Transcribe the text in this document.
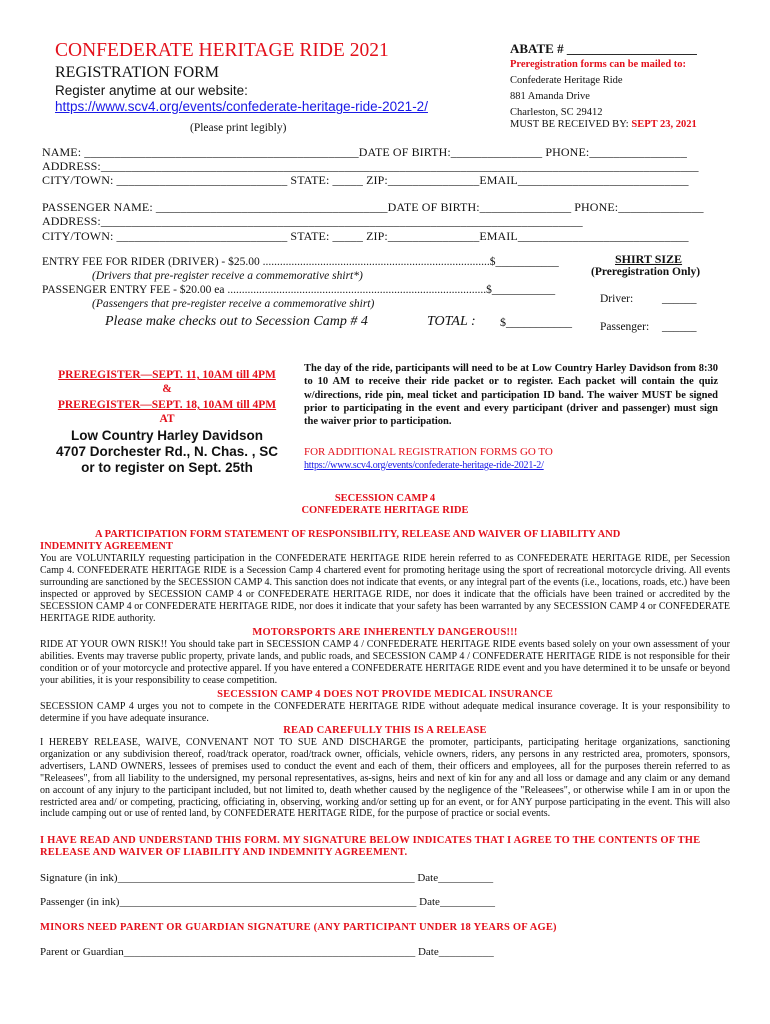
CONFEDERATE HERITAGE RIDE 2021
REGISTRATION FORM
Register anytime at our website:
https://www.scv4.org/events/confederate-heritage-ride-2021-2/
(Please print legibly)
ABATE # ____________________
Preregistration forms can be mailed to:
Confederate Heritage Ride
881 Amanda Drive
Charleston, SC 29412
MUST BE RECEIVED BY: SEPT 23, 2021
NAME: _____________________________________________DATE OF BIRTH:_______________ PHONE:________________
ADDRESS:__________________________________________________________________________________________________
CITY/TOWN: ____________________________ STATE: _____ ZIP:_______________EMAIL____________________________
PASSENGER NAME: ______________________________________DATE OF BIRTH:_______________ PHONE:______________
ADDRESS:_______________________________________________________________________________
CITY/TOWN: ____________________________ STATE: _____ ZIP:_______________EMAIL____________________________
ENTRY FEE FOR RIDER (DRIVER) - $25.00 ...............................................................................$___________
(Drivers that pre-register receive a commemorative shirt*)
PASSENGER ENTRY FEE - $20.00 ea ..........................................................................................$___________
(Passengers that pre-register receive a commemorative shirt)
Please make checks out to Secession Camp # 4	TOTAL : $___________
SHIRT SIZE
(Preregistration Only)
Driver:	______
Passenger: ______
PREREGISTER—SEPT. 11, 10AM till 4PM
&
PREREGISTER—SEPT. 18, 10AM till 4PM
AT
Low Country Harley Davidson
4707 Dorchester Rd., N. Chas. , SC
or to register on Sept. 25th
The day of the ride, participants will need to be at Low Country Harley Davidson from 8:30 to 10 AM to receive their ride packet or to register. Each packet will contain the quiz w/directions, ride pin, meal ticket and participation ID band. The waiver MUST be signed prior to participating in the event and every participant (driver and passenger) must sign the waiver prior to participation.
FOR ADDITIONAL REGISTRATION FORMS GO TO
https://www.scv4.org/events/confederate-heritage-ride-2021-2/
SECESSION CAMP 4
CONFEDERATE HERITAGE RIDE
A PARTICIPATION FORM STATEMENT OF RESPONSIBILITY, RELEASE AND WAIVER OF LIABILITY AND
INDEMNITY AGREEMENT
You are VOLUNTARILY requesting participation in the CONFEDERATE HERITAGE RIDE herein referred to as CONFEDERATE HERITAGE RIDE, per Secession Camp 4. CONFEDERATE HERITAGE RIDE is a Secession Camp 4 chartered event for promoting heritage using the sport of recreational motorcycle driving. All events surrounding are sanctioned by the SECESSION CAMP 4. This sanction does not indicate that events, or any integral part of the events (i.e., locations, roads, etc.) have been inspected or approved by SECESSION CAMP 4 or CONFEDERATE HERITAGE RIDE, nor does it indicate that the officials have been trained or accredited by the SECESSION CAMP 4 or CONFEDERATE HERITAGE RIDE, nor does it indicate that your safety has been warranted by any SECESSION CAMP 4 or CONFEDERATE HERITAGE RIDE authority.
MOTORSPORTS ARE INHERENTLY DANGEROUS!!!
RIDE AT YOUR OWN RISK!! You should take part in SECESSION CAMP 4 / CONFEDERATE HERITAGE RIDE events based solely on your own assessment of your abilities. Events may traverse public property, private lands, and public roads, and SECESSION CAMP 4 / CONFEDERATE HERITAGE RIDE is not responsible for their condition or of your motorcycle and protective apparel. If you have entered a CONFEDERATE HERITAGE RIDE event and you have determined it to be unsafe or beyond your abilities, it is your responsibility to cease competition.
SECESSION CAMP 4 DOES NOT PROVIDE MEDICAL INSURANCE
SECESSION CAMP 4 urges you not to compete in the CONFEDERATE HERITAGE RIDE without adequate medical insurance coverage. It is your responsibility to determine if you have adequate insurance.
READ CAREFULLY THIS IS A RELEASE
I HEREBY RELEASE, WAIVE, CONVENANT NOT TO SUE AND DISCHARGE the promoter, participants, participating heritage organizations, sanctioning organization or any subdivision thereof, road/track operator, road/track owner, officials, vehicle owners, riders, any persons in any restricted area, promoters, sponsors, advertisers, LAND OWNERS, lessees of premises used to conduct the event and each of them, their officers and employees, all for the purposes therein referred to as "Releasees", from all liability to the undersigned, my personal representatives, as-signs, heirs and next of kin for any and all loss or damage and any claim or any demand on account of any injury to the participant included, but not limited to, death whether caused by the negligence of the "Releasees", or otherwise while I am in or upon the restricted area and/ or competing, practicing, officiating in, observing, working and/or setting up for an event, or for ANY purpose participating in the event. This will also include camping out or use of rented land, by CONFEDERATE HERITAGE RIDE, for the purpose of practice or social events.
I HAVE READ AND UNDERSTAND THIS FORM. MY SIGNATURE BELOW INDICATES THAT I AGREE TO THE CONTENTS OF THE RELEASE AND WAIVER OF LIABILITY AND INDEMNITY AGREEMENT.
Signature (in ink)______________________________________________________ Date__________
Passenger (in ink)______________________________________________________ Date__________
MINORS NEED PARENT OR GUARDIAN SIGNATURE (ANY PARTICIPANT UNDER 18 YEARS OF AGE)
Parent or Guardian_____________________________________________________ Date__________
